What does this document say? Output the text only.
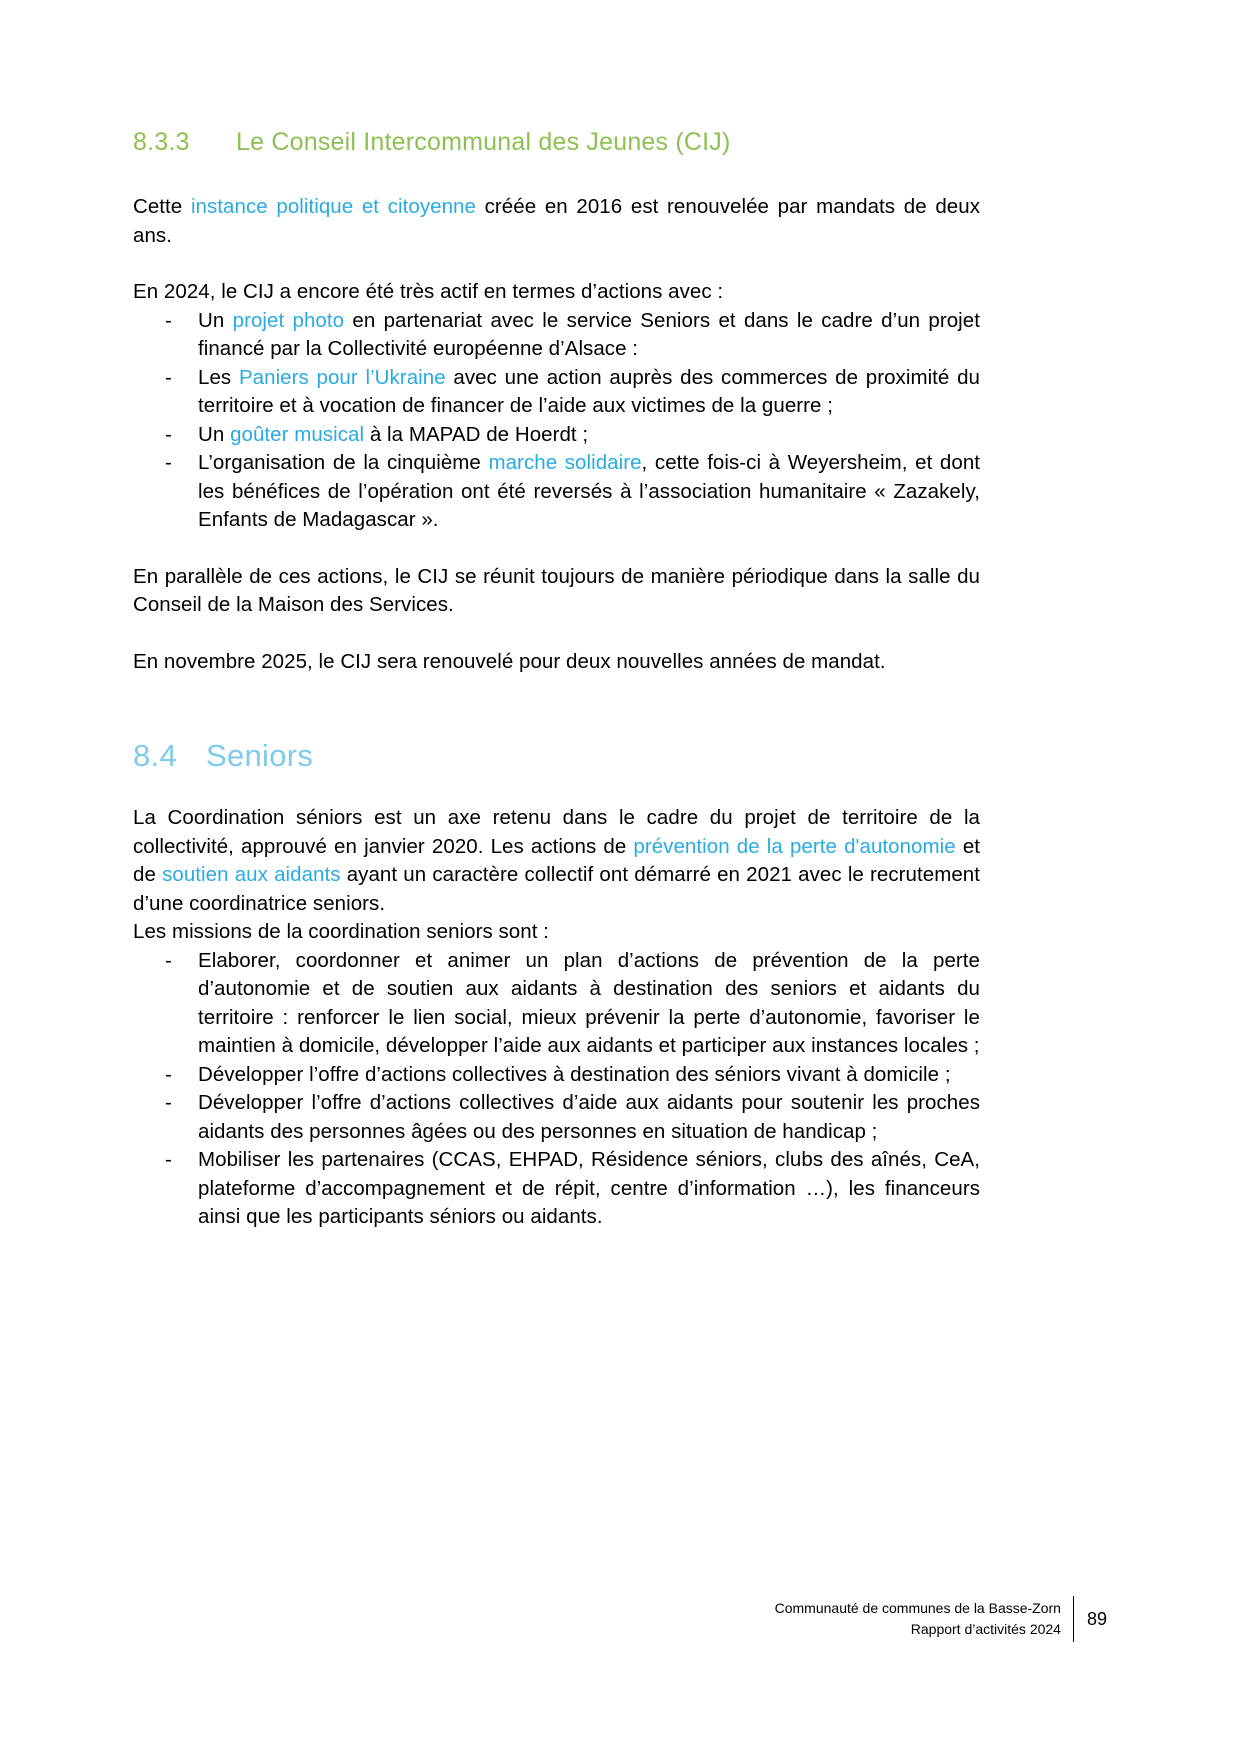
8.3.3	Le Conseil Intercommunal des Jeunes (CIJ)

Cette instance politique et citoyenne créée en 2016 est renouvelée par mandats de deux ans.

En 2024, le CIJ a encore été très actif en termes d’actions avec :

- Un projet photo en partenariat avec le service Seniors et dans le cadre d’un projet financé par la Collectivité européenne d’Alsace :
- Les Paniers pour l’Ukraine avec une action auprès des commerces de proximité du territoire et à vocation de financer de l’aide aux victimes de la guerre ;
- Un goûter musical à la MAPAD de Hoerdt ;
- L’organisation de la cinquième marche solidaire, cette fois-ci à Weyersheim, et dont les bénéfices de l’opération ont été reversés à l’association humanitaire « Zazakely, Enfants de Madagascar ».

En parallèle de ces actions, le CIJ se réunit toujours de manière périodique dans la salle du Conseil de la Maison des Services.

En novembre 2025, le CIJ sera renouvelé pour deux nouvelles années de mandat.

8.4 Seniors

La Coordination séniors est un axe retenu dans le cadre du projet de territoire de la collectivité, approuvé en janvier 2020. Les actions de prévention de la perte d'autonomie et de soutien aux aidants ayant un caractère collectif ont démarré en 2021 avec le recrutement d’une coordinatrice seniors.

Les missions de la coordination seniors sont :

- Elaborer, coordonner et animer un plan d’actions de prévention de la perte d’autonomie et de soutien aux aidants à destination des seniors et aidants du territoire : renforcer le lien social, mieux prévenir la perte d’autonomie, favoriser le maintien à domicile, développer l’aide aux aidants et participer aux instances locales ;
- Développer l’offre d’actions collectives à destination des séniors vivant à domicile ;
- Développer l’offre d’actions collectives d’aide aux aidants pour soutenir les proches aidants des personnes âgées ou des personnes en situation de handicap ;
- Mobiliser les partenaires (CCAS, EHPAD, Résidence séniors, clubs des aînés, CeA, plateforme d’accompagnement et de répit, centre d’information …), les financeurs ainsi que les participants séniors ou aidants.
Communauté de communes de la Basse-Zorn
Rapport d’activités 2024
89
